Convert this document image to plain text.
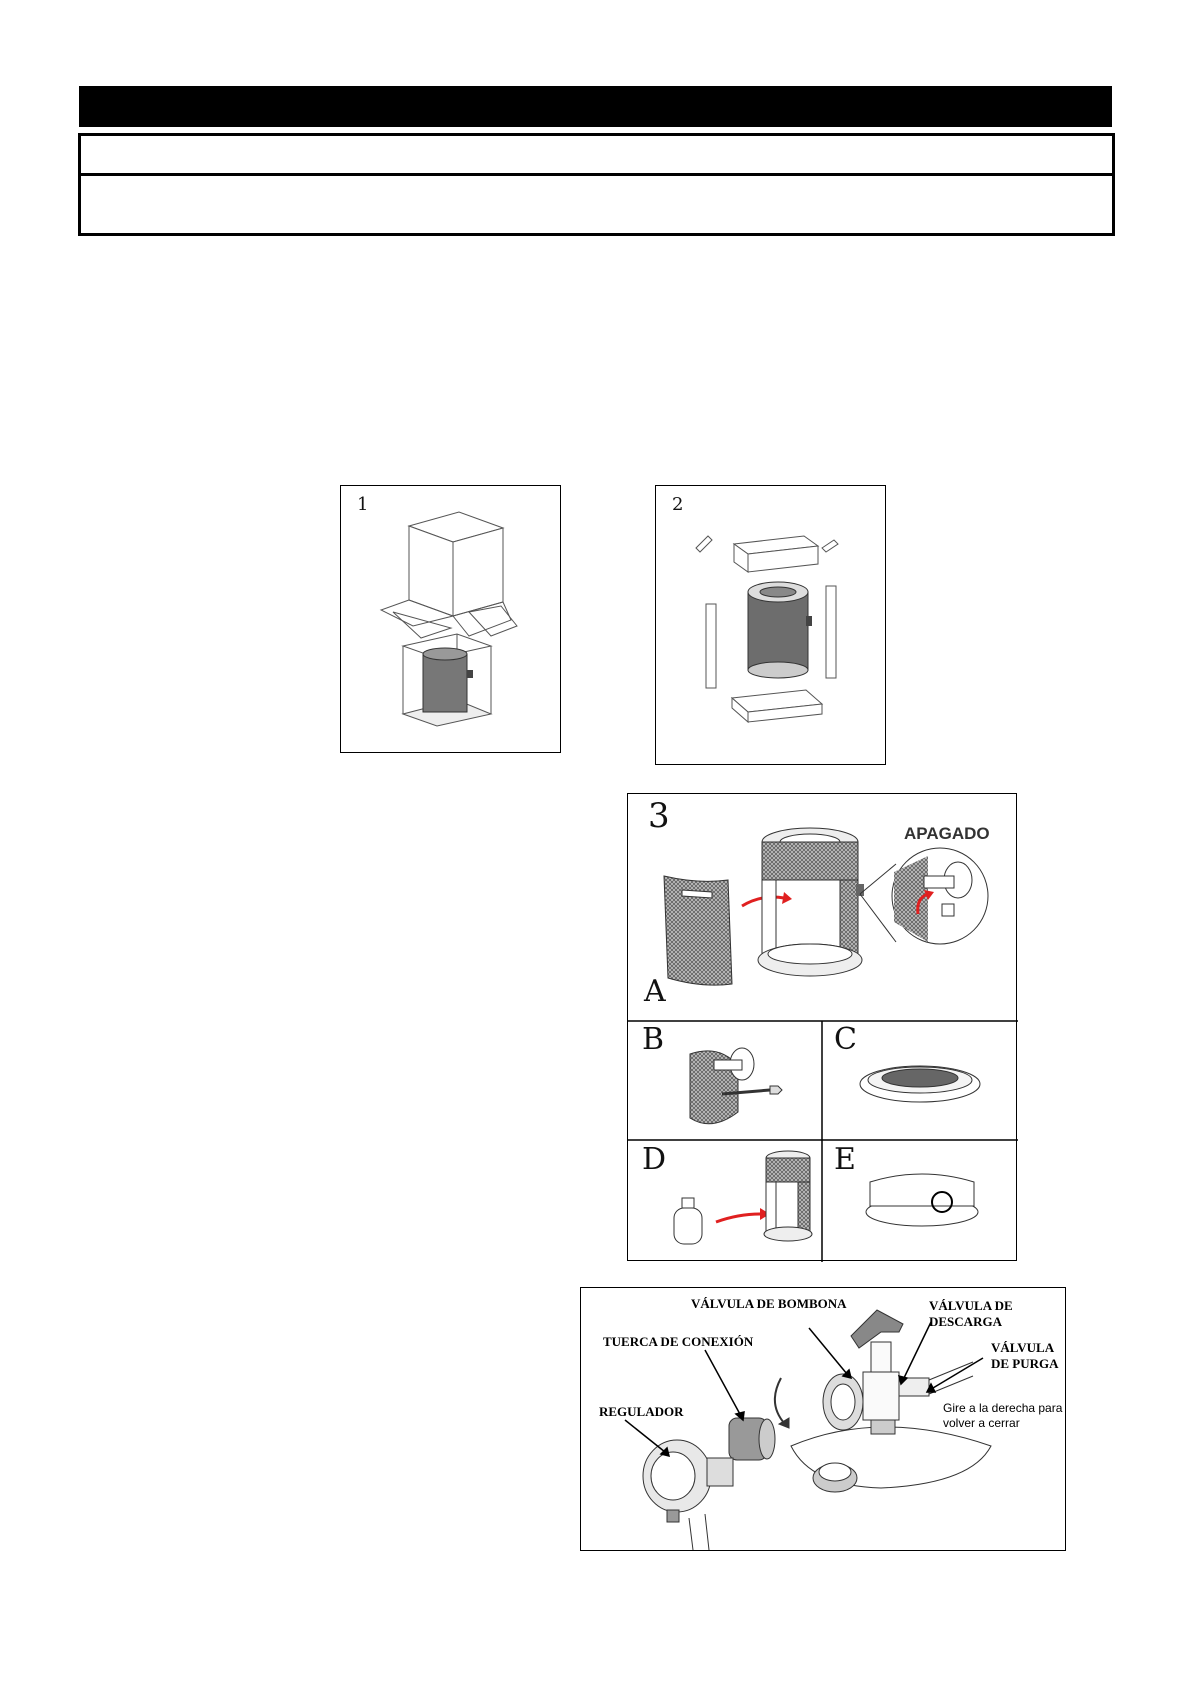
1	2
3
A
APAGADO
B	C
D	E
VÁLVULA DE BOMBONA	VÁLVULA DE
DESCARGA
VÁLVULA
DE PURGA
TUERCA DE CONEXIÓN
REGULADOR	Gire a la derecha para
volver a cerrar
